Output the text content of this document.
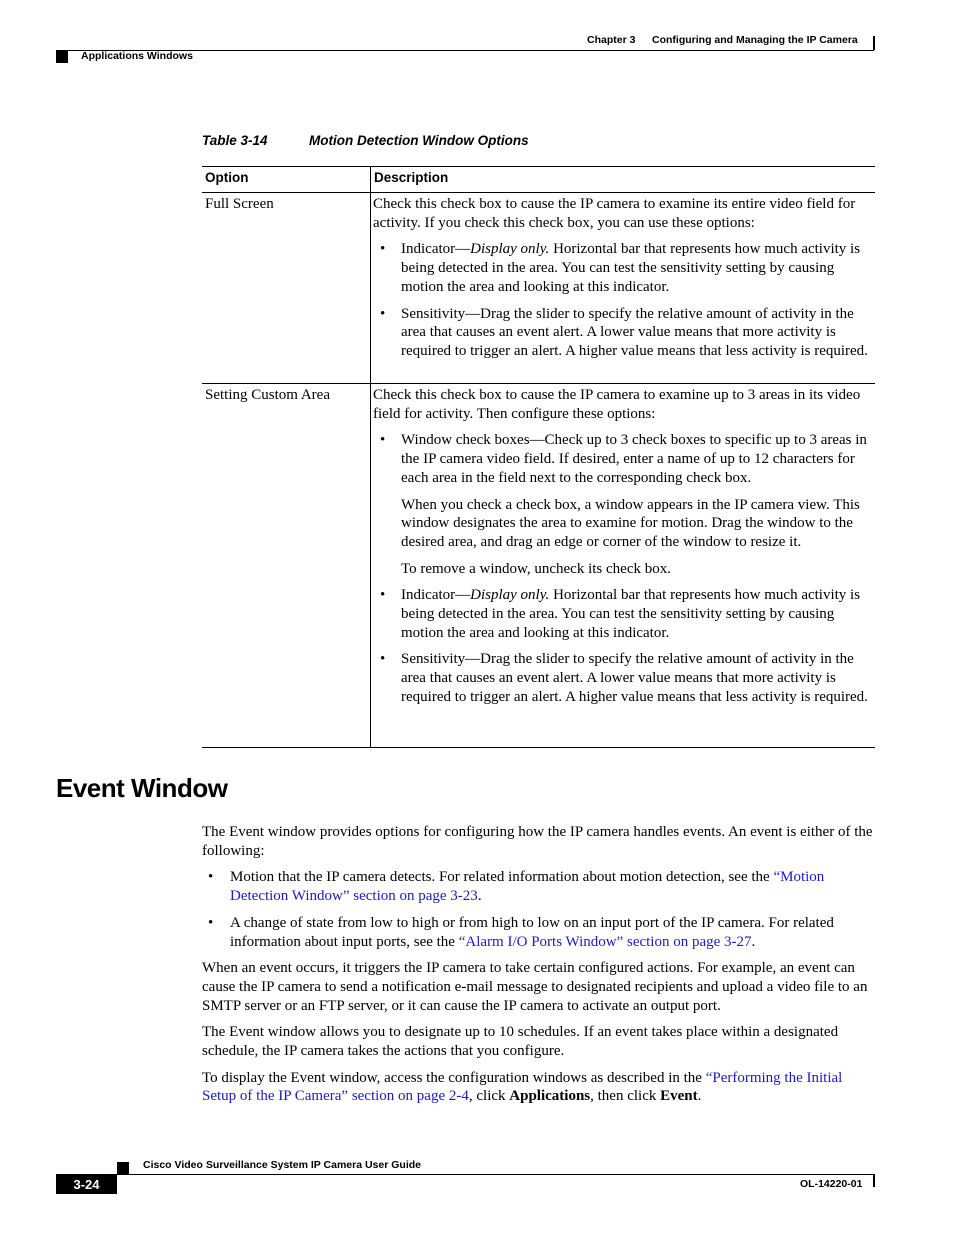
Chapter 3 Configuring and Managing the IP Camera
Applications Windows
Table 3-14	Motion Detection Window Options
Option	Description
Full Screen	Check this check box to cause the IP camera to examine its entire video field for activity. If you check this check box, you can use these options:

• Indicator—Display only. Horizontal bar that represents how much activity is being detected in the area. You can test the sensitivity setting by causing motion the area and looking at this indicator.
• Sensitivity—Drag the slider to specify the relative amount of activity in the area that causes an event alert. A lower value means that more activity is required to trigger an alert. A higher value means that less activity is required.
Setting Custom Area	Check this check box to cause the IP camera to examine up to 3 areas in its video field for activity. Then configure these options:

• Window check boxes—Check up to 3 check boxes to specific up to 3 areas in the IP camera video field. If desired, enter a name of up to 12 characters for each area in the field next to the corresponding check box.
When you check a check box, a window appears in the IP camera view. This window designates the area to examine for motion. Drag the window to the desired area, and drag an edge or corner of the window to resize it.
To remove a window, uncheck its check box.
• Indicator—Display only. Horizontal bar that represents how much activity is being detected in the area. You can test the sensitivity setting by causing motion the area and looking at this indicator.
• Sensitivity—Drag the slider to specify the relative amount of activity in the area that causes an event alert. A lower value means that more activity is required to trigger an alert. A higher value means that less activity is required.
Event Window

The Event window provides options for configuring how the IP camera handles events. An event is either of the following:

• Motion that the IP camera detects. For related information about motion detection, see the “Motion Detection Window” section on page 3-23.
• A change of state from low to high or from high to low on an input port of the IP camera. For related information about input ports, see the “Alarm I/O Ports Window” section on page 3-27.

When an event occurs, it triggers the IP camera to take certain configured actions. For example, an event can cause the IP camera to send a notification e-mail message to designated recipients and upload a video file to an SMTP server or an FTP server, or it can cause the IP camera to activate an output port.

The Event window allows you to designate up to 10 schedules. If an event takes place within a designated schedule, the IP camera takes the actions that you configure.

To display the Event window, access the configuration windows as described in the “Performing the Initial Setup of the IP Camera” section on page 2-4, click Applications, then click Event.

Cisco Video Surveillance System IP Camera User Guide
3-24	OL-14220-01
